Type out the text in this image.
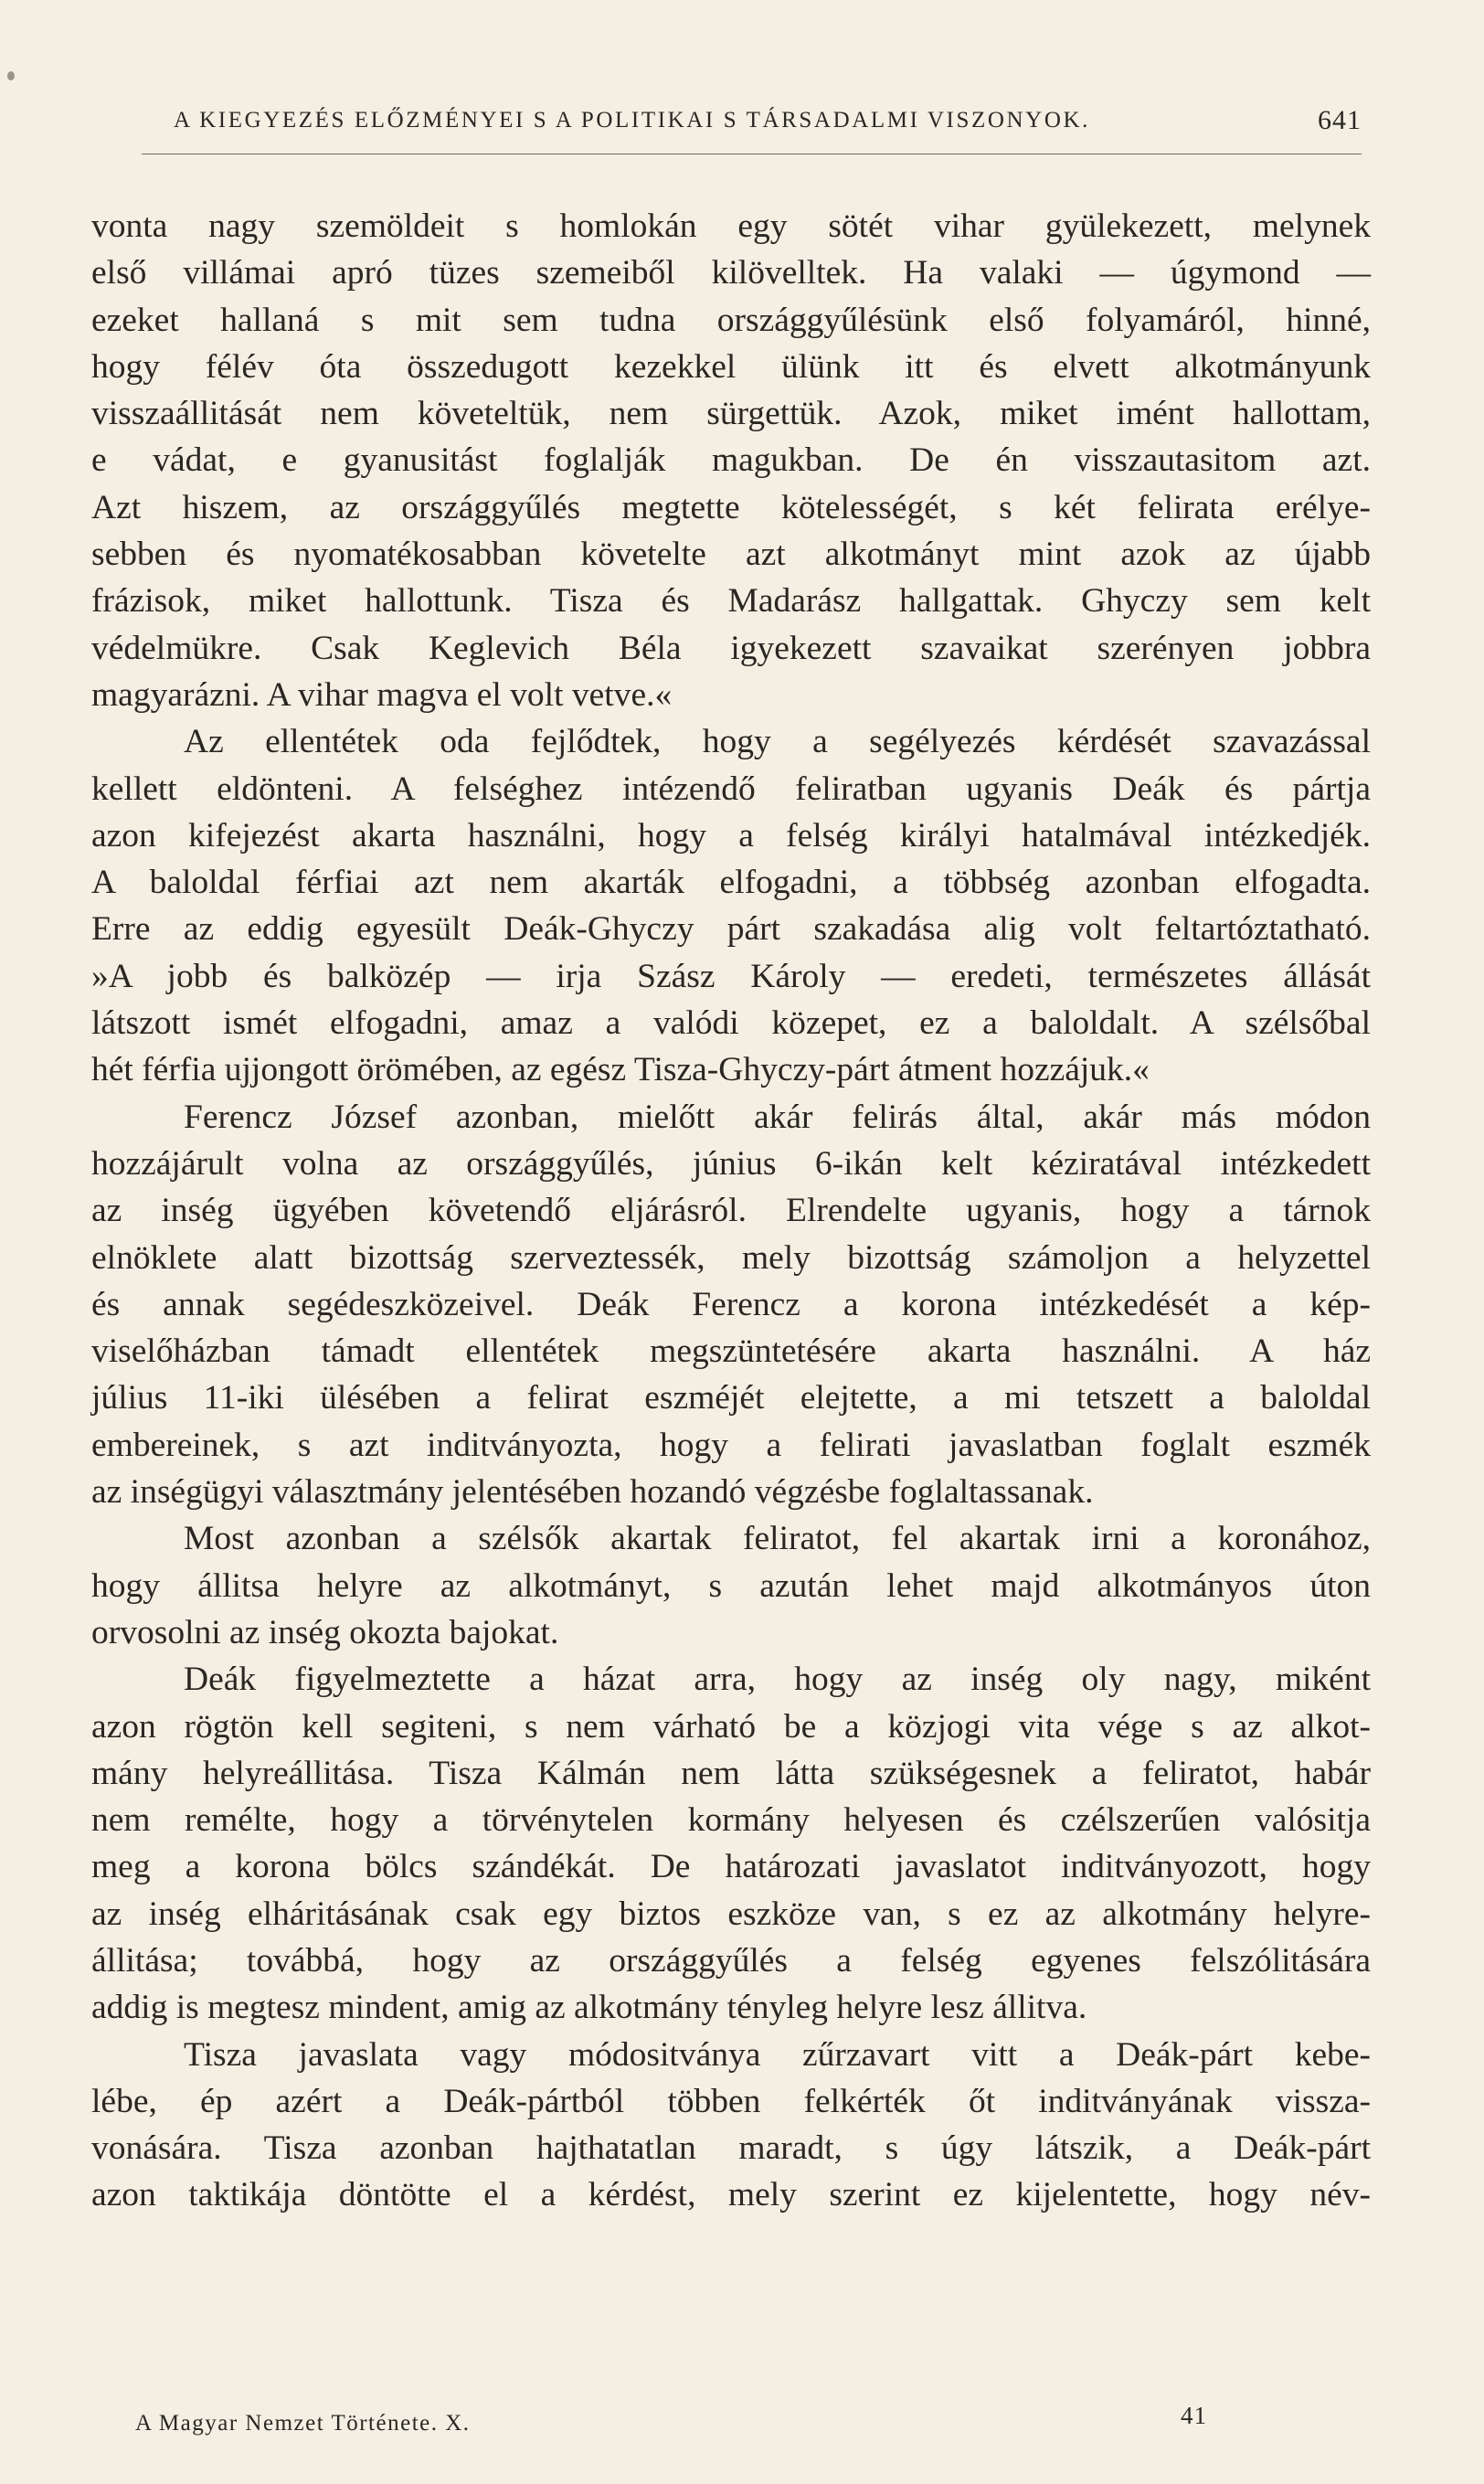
A KIEGYEZÉS ELŐZMÉNYEI S A POLITIKAI S TÁRSADALMI VISZONYOK.	641
vonta nagy szemöldeit s homlokán egy sötét vihar gyülekezett, melynek
első villámai apró tüzes szemeiből kilövelltek. Ha valaki — úgymond —
ezeket hallaná s mit sem tudna országgyűlésünk első folyamáról, hinné,
hogy félév óta összedugott kezekkel ülünk itt és elvett alkotmányunk
visszaállitását nem követeltük, nem sürgettük. Azok, miket imént hallottam,
e vádat, e gyanusitást foglalják magukban. De én visszautasitom azt.
Azt hiszem, az országgyűlés megtette kötelességét, s két felirata erélye-
sebben és nyomatékosabban követelte azt alkotmányt mint azok az újabb
frázisok, miket hallottunk. Tisza és Madarász hallgattak. Ghyczy sem kelt
védelmükre. Csak Keglevich Béla igyekezett szavaikat szerényen jobbra
magyarázni. A vihar magva el volt vetve.«
Az ellentétek oda fejlődtek, hogy a segélyezés kérdését szavazással
kellett eldönteni. A felséghez intézendő feliratban ugyanis Deák és pártja
azon kifejezést akarta használni, hogy a felség királyi hatalmával intézkedjék.
A baloldal férfiai azt nem akarták elfogadni, a többség azonban elfogadta.
Erre az eddig egyesült Deák-Ghyczy párt szakadása alig volt feltartóztatható.
»A jobb és balközép — irja Szász Károly — eredeti, természetes állását
látszott ismét elfogadni, amaz a valódi közepet, ez a baloldalt. A szélsőbal
hét férfia ujjongott örömében, az egész Tisza-Ghyczy-párt átment hozzájuk.«
Ferencz József azonban, mielőtt akár felirás által, akár más módon
hozzájárult volna az országgyűlés, június 6-ikán kelt kéziratával intézkedett
az inség ügyében követendő eljárásról. Elrendelte ugyanis, hogy a tárnok
elnöklete alatt bizottság szerveztessék, mely bizottság számoljon a helyzettel
és annak segédeszközeivel. Deák Ferencz a korona intézkedését a kép-
viselőházban támadt ellentétek megszüntetésére akarta használni. A ház
július 11-iki ülésében a felirat eszméjét elejtette, a mi tetszett a baloldal
embereinek, s azt inditványozta, hogy a felirati javaslatban foglalt eszmék
az inségügyi választmány jelentésében hozandó végzésbe foglaltassanak.
Most azonban a szélsők akartak feliratot, fel akartak irni a koronához,
hogy állitsa helyre az alkotmányt, s azután lehet majd alkotmányos úton
orvosolni az inség okozta bajokat.
Deák figyelmeztette a házat arra, hogy az inség oly nagy, miként
azon rögtön kell segiteni, s nem várható be a közjogi vita vége s az alkot-
mány helyreállitása. Tisza Kálmán nem látta szükségesnek a feliratot, habár
nem remélte, hogy a törvénytelen kormány helyesen és czélszerűen valósitja
meg a korona bölcs szándékát. De határozati javaslatot inditványozott, hogy
az inség elháritásának csak egy biztos eszköze van, s ez az alkotmány helyre-
állitása; továbbá, hogy az országgyűlés a felség egyenes felszólitására
addig is megtesz mindent, amig az alkotmány tényleg helyre lesz állitva.
Tisza javaslata vagy módositványa zűrzavart vitt a Deák-párt kebe-
lébe, ép azért a Deák-pártból többen felkérték őt inditványának vissza-
vonására. Tisza azonban hajthatatlan maradt, s úgy látszik, a Deák-párt
azon taktikája döntötte el a kérdést, mely szerint ez kijelentette, hogy név-
A Magyar Nemzet Története. X.	41
